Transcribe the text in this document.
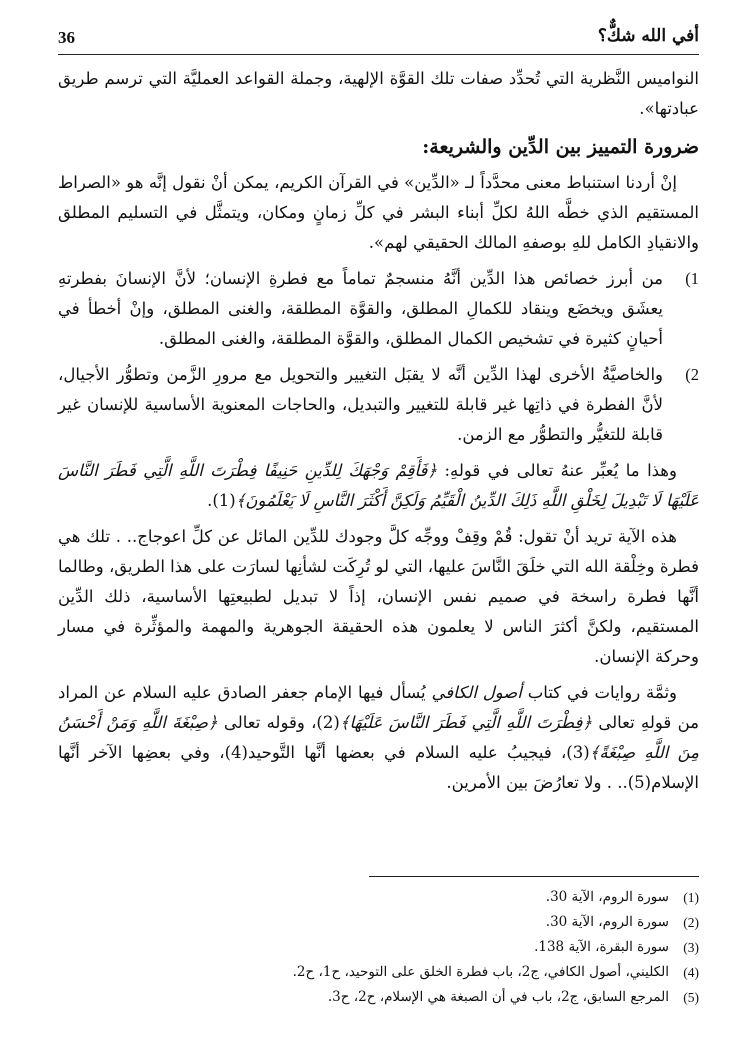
36	أفي الله شكٌّ؟

النواميس النَّظرية التي تُحدِّد صفات تلك القوَّة الإلهية، وجملة القواعد العمليَّة التي ترسم طريق عبادتها».

ضرورة التمييز بين الدِّين والشريعة:

إنْ أردنا استنباط معنى محدَّداً لـ «الدِّين» في القرآن الكريم، يمكن أنْ نقول إنَّه هو «الصراط المستقيم الذي خطَّه اللهُ لكلِّ أبناء البشر في كلِّ زمانٍ ومكان، ويتمثَّل في التسليم المطلق والانقيادِ الكامل للهِ بوصفهِ المالك الحقيقي لهم».

1)
من أبرز خصائص هذا الدِّين أنَّهُ منسجمٌ تماماً مع فطرةِ الإنسان؛ لأنَّ الإنسانَ بفطرتهِ يعشَق ويخضَع وينقاد للكمالِ المطلق، والقوَّة المطلقة، والغنى المطلق، وإنْ أخطأ في أحيانٍ كثيرة في تشخيص الكمال المطلق، والقوَّة المطلقة، والغنى المطلق.
2)
والخاصيَّةُ الأخرى لهذا الدِّين أنَّه لا يقبَل التغيير والتحويل مع مرورِ الزَّمن وتطوُّر الأجيال، لأنَّ الفطرة في ذاتِها غير قابلة للتغيير والتبديل، والحاجات المعنوية الأساسية للإنسان غير قابلة للتغيُّر والتطوُّر مع الزمن.

وهذا ما يُعبِّر عنهُ تعالى في قولهِ: ﴿فَأَقِمْ وَجْهَكَ لِلدِّينِ حَنِيفًا فِطْرَتَ اللَّهِ الَّتِي فَطَرَ النَّاسَ عَلَيْهَا لَا تَبْدِيلَ لِخَلْقِ اللَّهِ ذَلِكَ الدِّينُ الْقَيِّمُ وَلَكِنَّ أَكْثَرَ النَّاسِ لَا يَعْلَمُونَ﴾(1).

هذه الآية تريد أنْ تقول: قُمْ وقِفْ ووجِّه كلَّ وجودك للدِّين المائل عن كلِّ اعوجاج.. . تلك هي فطرة وخِلْقة الله التي خلَقَ النَّاسَ عليها، التي لو تُرِكَت لشأنِها لسارَت على هذا الطريق، وطالما أنَّها فطرة راسخة في صميم نفس الإنسان، إذاً لا تبديل لطبيعتِها الأساسية، ذلك الدِّين المستقيم، ولكنَّ أكثرَ الناس لا يعلمون هذه الحقيقة الجوهرية والمهمة والمؤثِّرة في مسار وحركة الإنسان.

وثمَّة روايات في كتاب أصول الكافي يُسأل فيها الإمام جعفر الصادق عليه السلام عن المراد من قولهِ تعالى ﴿فِطْرَتَ اللَّهِ الَّتِي فَطَرَ النَّاسَ عَلَيْهَا﴾(2)، وقوله تعالى ﴿صِبْغَةَ اللَّهِ وَمَنْ أَحْسَنُ مِنَ اللَّهِ صِبْغَةً﴾(3)، فيجيبُ عليه السلام في بعضها أنَّها التَّوحيد(4)، وفي بعضِها الآخر أنَّها الإسلام(5).. . ولا تعارُضَ بين الأمرين.

(1)
سورة الروم، الآية 30.
(2)
سورة الروم، الآية 30.
(3)
سورة البقرة، الآية 138.
(4)
الكليني، أصول الكافي، ج2، باب فطرة الخلق على التوحيد، ح1، ح2.
(5)
المرجع السابق، ج2، باب في أن الصبغة هي الإسلام، ح2، ح3.
